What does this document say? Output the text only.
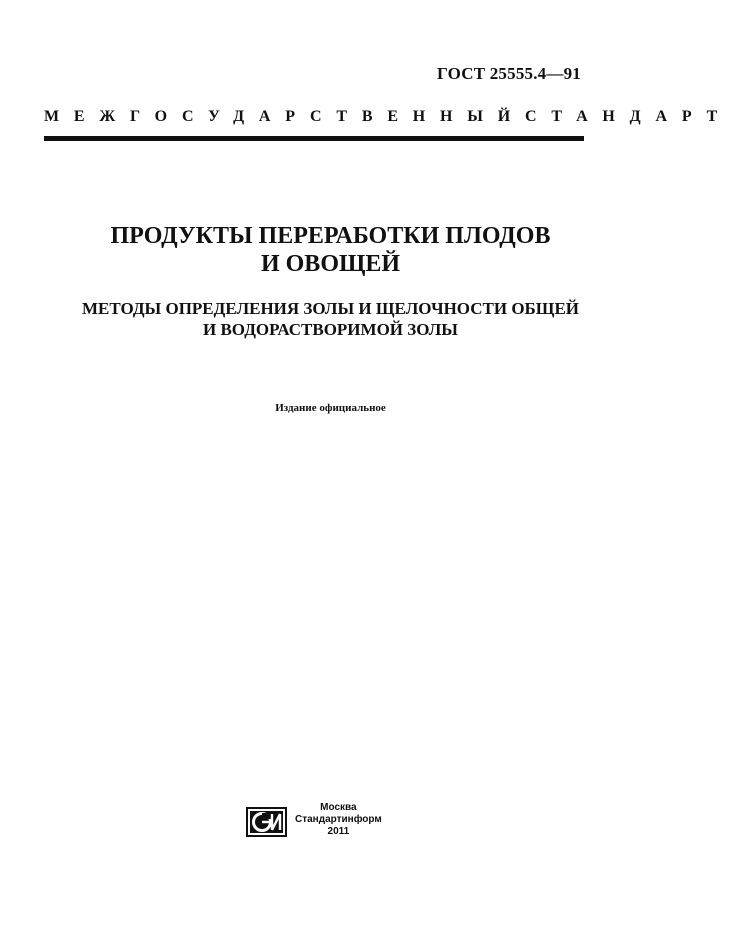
ГОСТ 25555.4—91
МЕЖГОСУДАРСТВЕННЫЙ СТАНДАРТ
ПРОДУКТЫ ПЕРЕРАБОТКИ ПЛОДОВ
И ОВОЩЕЙ
МЕТОДЫ ОПРЕДЕЛЕНИЯ ЗОЛЫ И ЩЕЛОЧНОСТИ ОБЩЕЙ
И ВОДОРАСТВОРИМОЙ ЗОЛЫ
Издание официальное
Москва
Стандартинформ
2011
